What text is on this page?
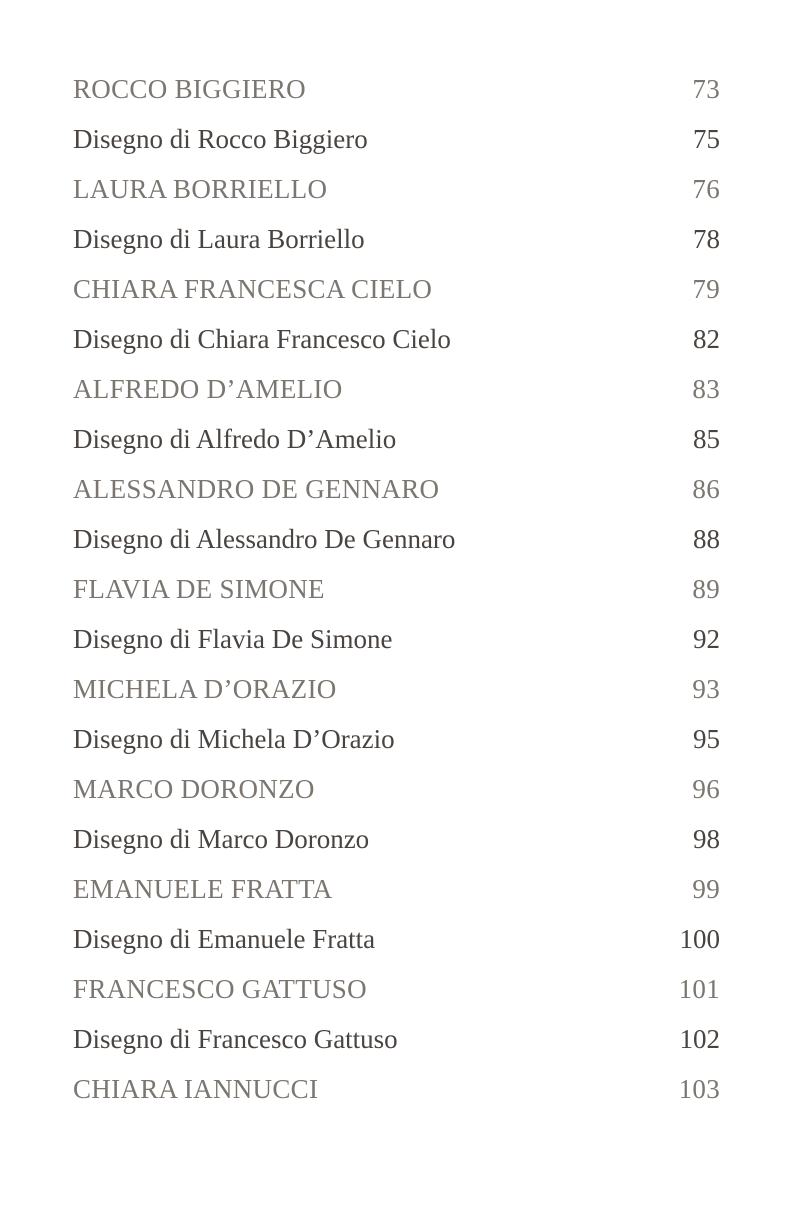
ROCCO BIGGIERO	73
Disegno di Rocco Biggiero	75
LAURA BORRIELLO	76
Disegno di Laura Borriello	78
CHIARA FRANCESCA CIELO	79
Disegno di Chiara Francesco Cielo	82
ALFREDO D’AMELIO	83
Disegno di Alfredo D’Amelio	85
ALESSANDRO DE GENNARO	86
Disegno di Alessandro De Gennaro	88
FLAVIA DE SIMONE	89
Disegno di Flavia De Simone	92
MICHELA D’ORAZIO	93
Disegno di Michela D’Orazio	95
MARCO DORONZO	96
Disegno di Marco Doronzo	98
EMANUELE FRATTA	99
Disegno di Emanuele Fratta	100
FRANCESCO GATTUSO	101
Disegno di Francesco Gattuso	102
CHIARA IANNUCCI	103
